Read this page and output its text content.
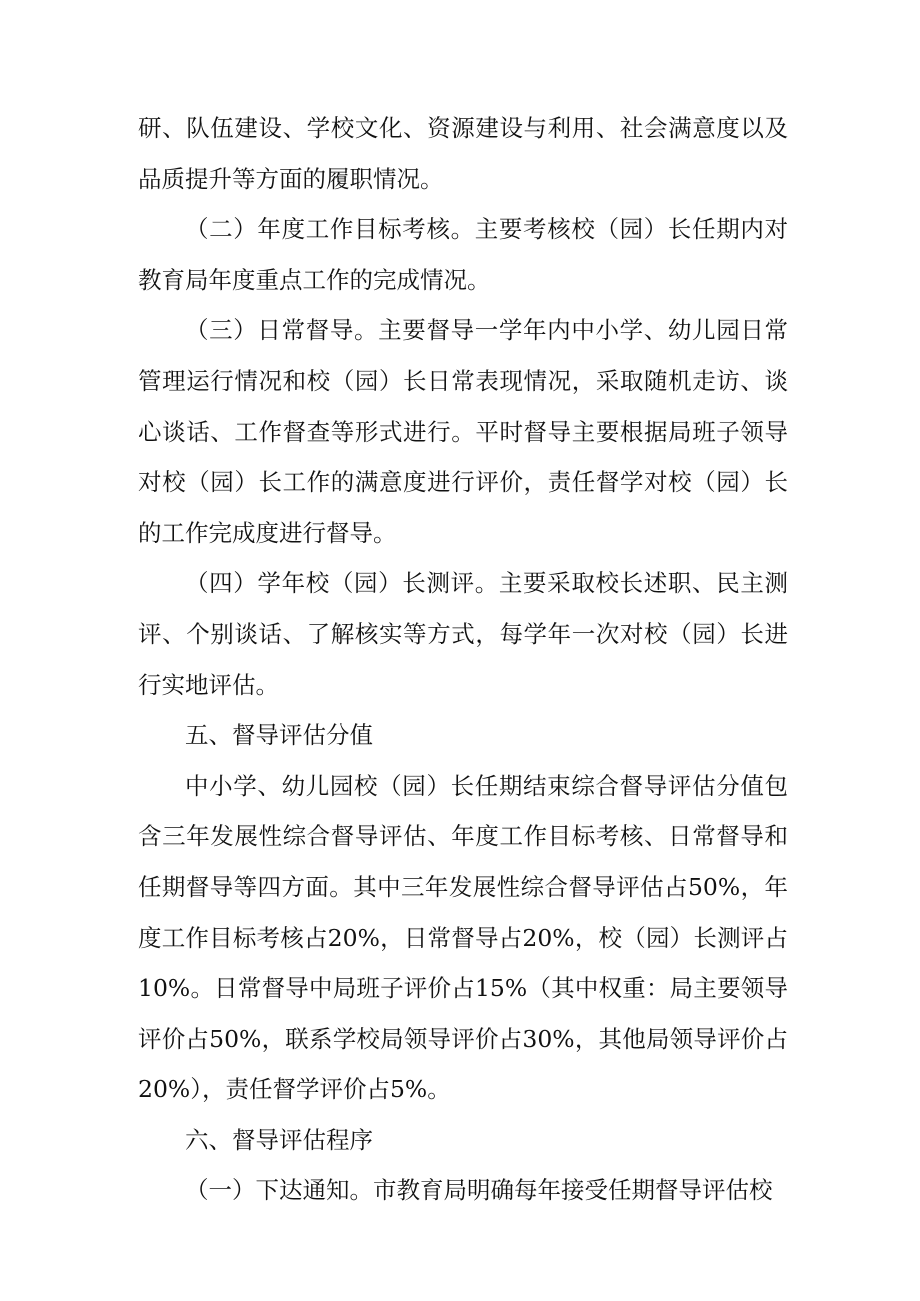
研、队伍建设、学校文化、资源建设与利用、社会满意度以及品质提升等方面的履职情况。

（二）年度工作目标考核。主要考核校（园）长任期内对教育局年度重点工作的完成情况。

（三）日常督导。主要督导一学年内中小学、幼儿园日常管理运行情况和校（园）长日常表现情况，采取随机走访、谈心谈话、工作督查等形式进行。平时督导主要根据局班子领导对校（园）长工作的满意度进行评价，责任督学对校（园）长的工作完成度进行督导。

（四）学年校（园）长测评。主要采取校长述职、民主测评、个别谈话、了解核实等方式，每学年一次对校（园）长进行实地评估。

五、督导评估分值

中小学、幼儿园校（园）长任期结束综合督导评估分值包含三年发展性综合督导评估、年度工作目标考核、日常督导和任期督导等四方面。其中三年发展性综合督导评估占50%，年度工作目标考核占20%，日常督导占20%，校（园）长测评占10%。日常督导中局班子评价占15%（其中权重：局主要领导评价占50%，联系学校局领导评价占30%，其他局领导评价占20%），责任督学评价占5%。

六、督导评估程序

（一）下达通知。市教育局明确每年接受任期督导评估校
